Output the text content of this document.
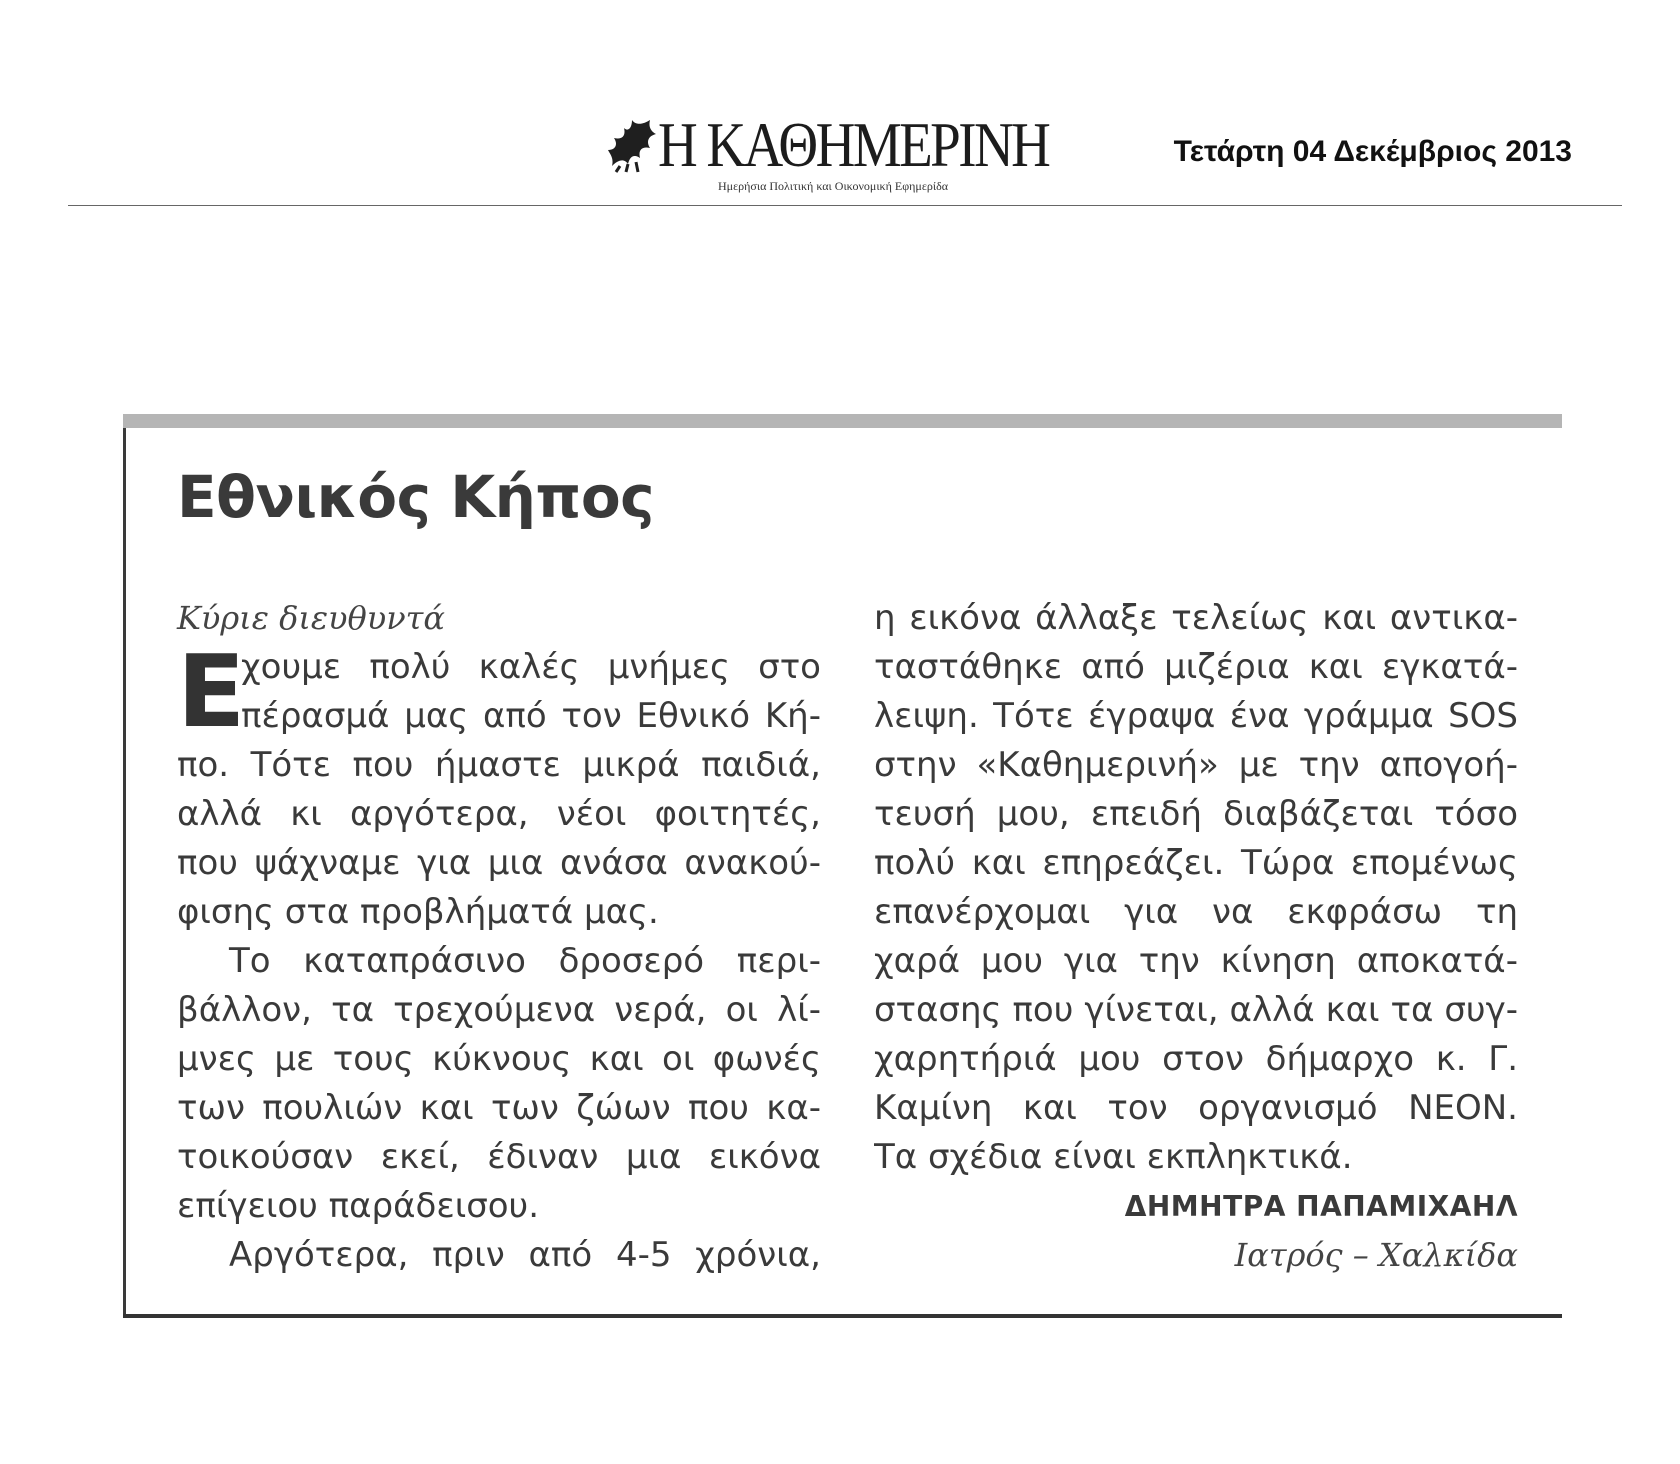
Η ΚΑΘΗΜΕΡΙΝΗ
Ημερήσια Πολιτική και Οικονομική Εφημερίδα
Τετάρτη 04 Δεκέμβριος 2013
Εθνικός Κήπος
Κύριε διευθυντά
Ε
χουμε πολύ καλές μνήμες στο
πέρασμά μας από τον Εθνικό Κή-
πο. Τότε που ήμαστε μικρά παιδιά,
αλλά κι αργότερα, νέοι φοιτητές,
που ψάχναμε για μια ανάσα ανακού-
φισης στα προβλήματά μας.
Το καταπράσινο δροσερό περι-
βάλλον, τα τρεχούμενα νερά, οι λί-
μνες με τους κύκνους και οι φωνές
των πουλιών και των ζώων που κα-
τοικούσαν εκεί, έδιναν μια εικόνα
επίγειου παράδεισου.
Αργότερα, πριν από 4-5 χρόνια,
η εικόνα άλλαξε τελείως και αντικα-
ταστάθηκε από μιζέρια και εγκατά-
λειψη. Τότε έγραψα ένα γράμμα SOS
στην «Καθημερινή» με την απογοή-
τευσή μου, επειδή διαβάζεται τόσο
πολύ και επηρεάζει. Τώρα επομένως
επανέρχομαι για να εκφράσω τη
χαρά μου για την κίνηση αποκατά-
στασης που γίνεται, αλλά και τα συγ-
χαρητήριά μου στον δήμαρχο κ. Γ.
Καμίνη και τον οργανισμό ΝΕΟΝ.
Τα σχέδια είναι εκπληκτικά.
ΔΗΜΗΤΡΑ ΠΑΠΑΜΙΧΑΗΛ
Ιατρός – Χαλκίδα
